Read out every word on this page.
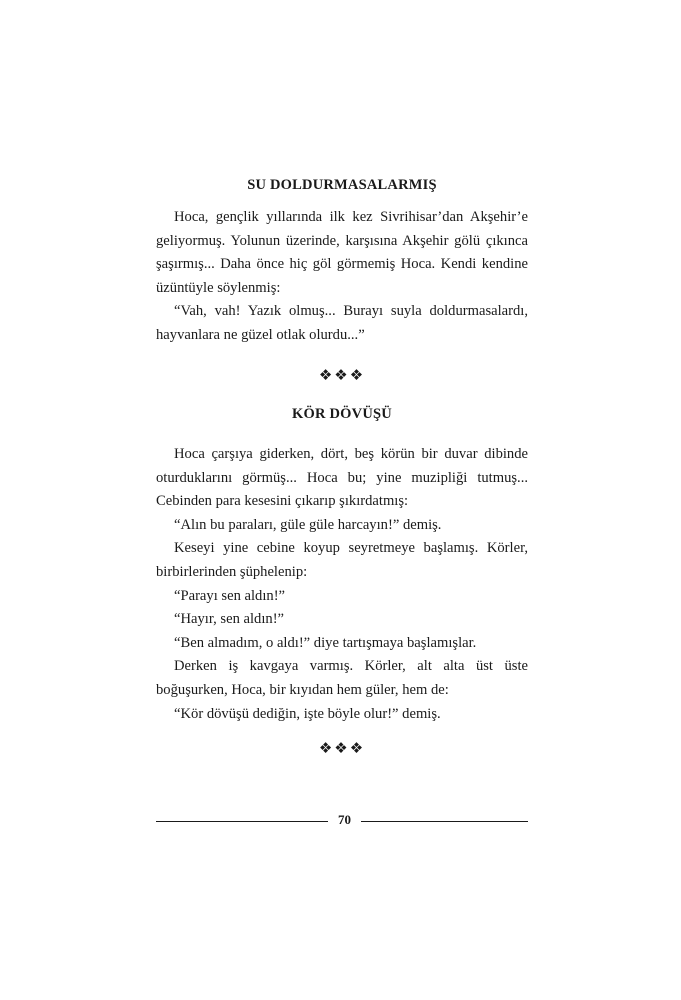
SU DOLDURMASALARMIŞ

Hoca, gençlik yıllarında ilk kez Sivrihisar’dan Akşehir’e geliyormuş. Yolunun üzerinde, karşısına Akşehir gölü çıkınca şaşırmış... Daha önce hiç göl görmemiş Hoca. Kendi kendine üzüntüyle söylenmiş:

“Vah, vah! Yazık olmuş... Burayı suyla doldurmasalardı, hayvanlara ne güzel otlak olurdu...”

❖❖❖
KÖR DÖVÜŞÜ

Hoca çarşıya giderken, dört, beş körün bir duvar dibinde oturduklarını görmüş... Hoca bu; yine muzipliği tutmuş... Cebinden para kesesini çıkarıp şıkırdatmış:

“Alın bu paraları, güle güle harcayın!” demiş.

Keseyi yine cebine koyup seyretmeye başlamış. Körler, birbirlerinden şüphelenip:

“Parayı sen aldın!”

“Hayır, sen aldın!”

“Ben almadım, o aldı!” diye tartışmaya başlamışlar.

Derken iş kavgaya varmış. Körler, alt alta üst üste boğuşurken, Hoca, bir kıyıdan hem güler, hem de:

“Kör dövüşü dediğin, işte böyle olur!” demiş.

❖❖❖
70
